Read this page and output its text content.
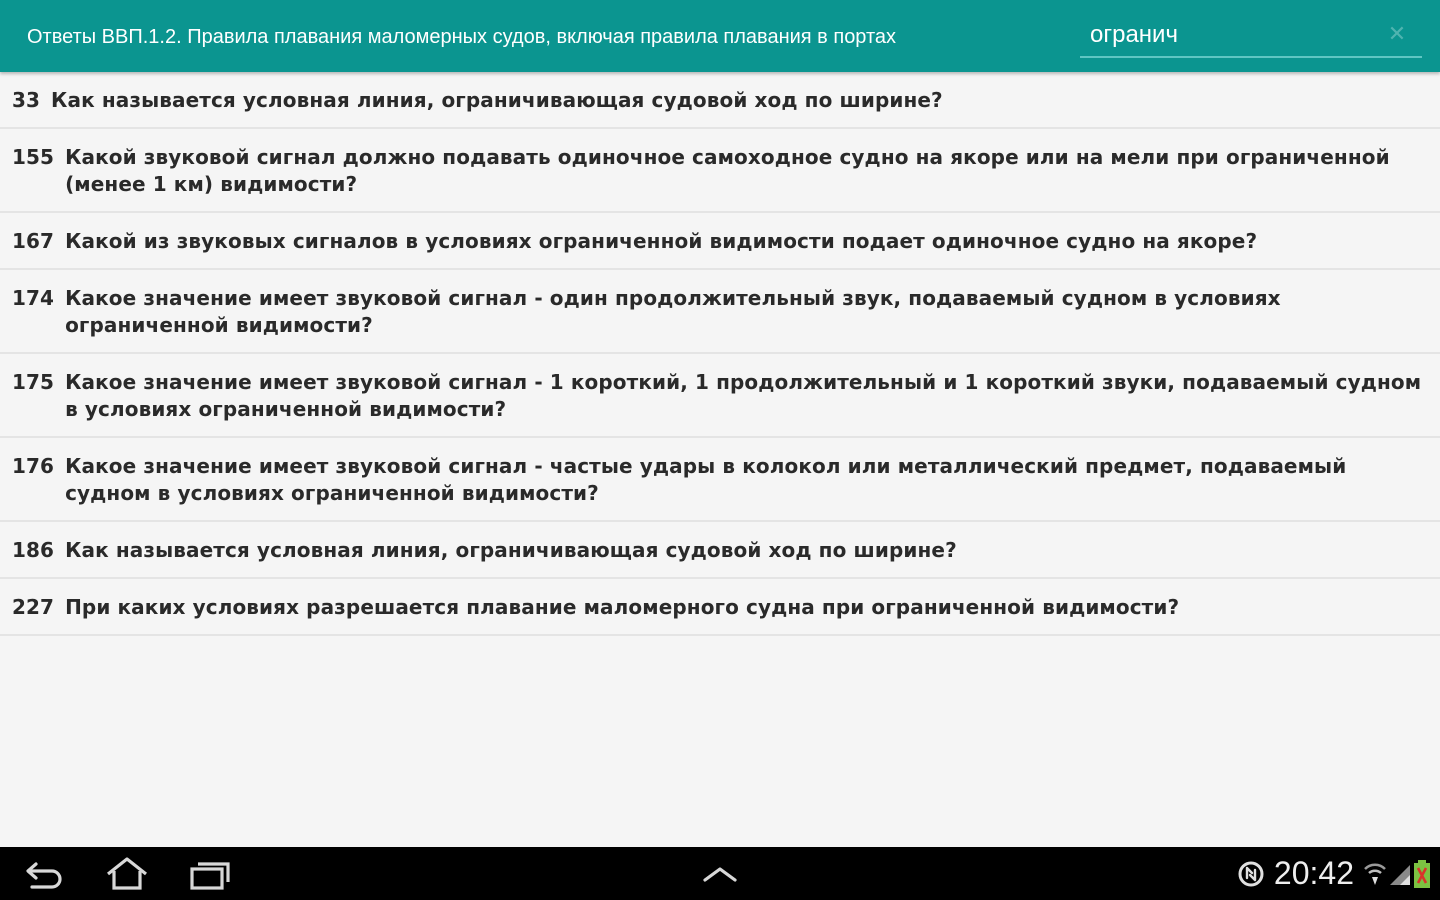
Ответы ВВП.1.2. Правила плавания маломерных судов, включая правила плавания в портах
огранич	✕
33 Как называется условная линия, ограничивающая судовой ход по ширине?
155 Какой звуковой сигнал должно подавать одиночное самоходное судно на якоре или на мели при ограниченной (менее 1 км) видимости?
167 Какой из звуковых сигналов в условиях ограниченной видимости подает одиночное судно на якоре?
174 Какое значение имеет звуковой сигнал - один продолжительный звук, подаваемый судном в условиях ограниченной видимости?
175 Какое значение имеет звуковой сигнал - 1 короткий, 1 продолжительный и 1 короткий звуки, подаваемый судном в условиях ограниченной видимости?
176 Какое значение имеет звуковой сигнал - частые удары в колокол или металлический предмет, подаваемый судном в условиях ограниченной видимости?
186 Как называется условная линия, ограничивающая судовой ход по ширине?
227 При каких условиях разрешается плавание маломерного судна при ограниченной видимости?
20:42
